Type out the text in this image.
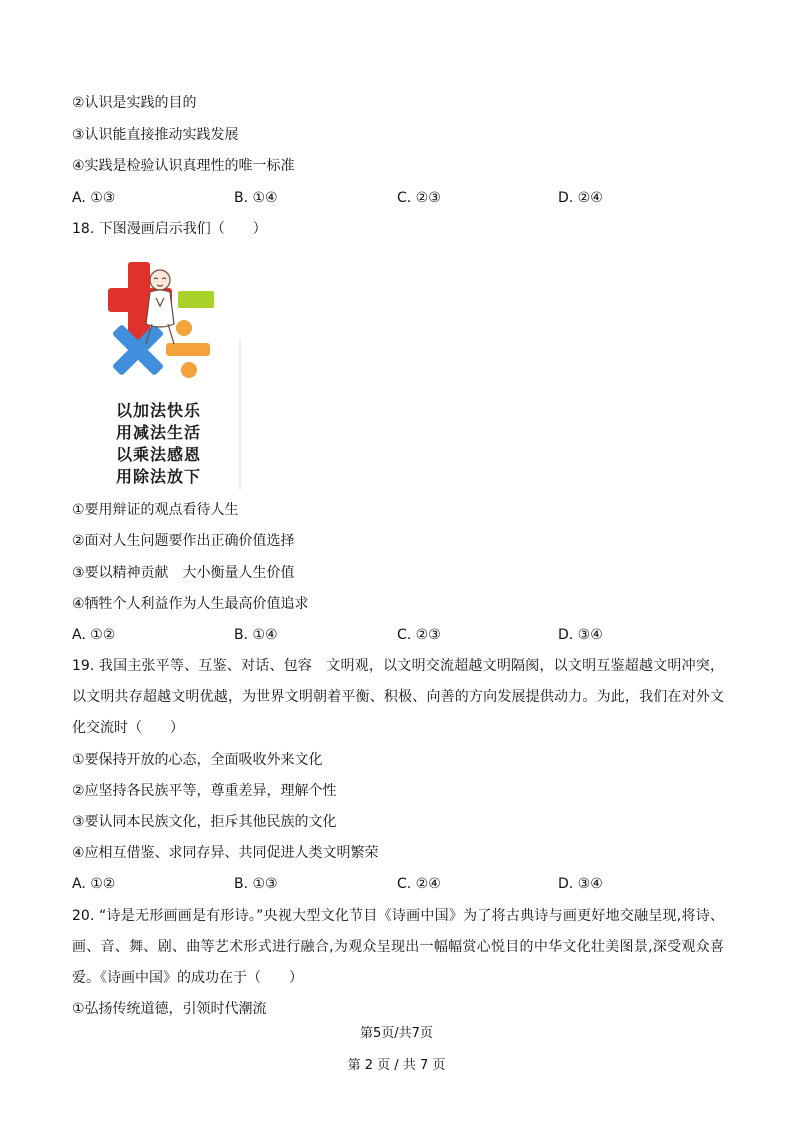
②认识是实践的目的
③认识能直接推动实践发展
④实践是检验认识真理性的唯一标准
A. ①③	B. ①④	C. ②③	D. ②④
18. 下图漫画启示我们（　　）
以加法快乐
用减法生活
以乘法感恩
用除法放下
①要用辩证的观点看待人生
②面对人生问题要作出正确价值选择
③要以精神贡献　大小衡量人生价值
④牺牲个人利益作为人生最高价值追求
A. ①②	B. ①④	C. ②③	D. ③④
19. 我国主张平等、互鉴、对话、包容　文明观，以文明交流超越文明隔阂，以文明互鉴超越文明冲突，以文明共存超越文明优越，为世界文明朝着平衡、积极、向善的方向发展提供动力。为此，我们在对外文化交流时（　　）
①要保持开放的心态，全面吸收外来文化
②应坚持各民族平等，尊重差异，理解个性
③要认同本民族文化，拒斥其他民族的文化
④应相互借鉴、求同存异、共同促进人类文明繁荣
A. ①②	B. ①③	C. ②④	D. ③④
20. “诗是无形画画是有形诗。”央视大型文化节目《诗画中国》为了将古典诗与画更好地交融呈现,将诗、画、音、舞、剧、曲等艺术形式进行融合,为观众呈现出一幅幅赏心悦目的中华文化壮美图景,深受观众喜爱。《诗画中国》的成功在于（　　）
①弘扬传统道德，引领时代潮流
第5页/共7页
第 2 页 / 共 7 页
